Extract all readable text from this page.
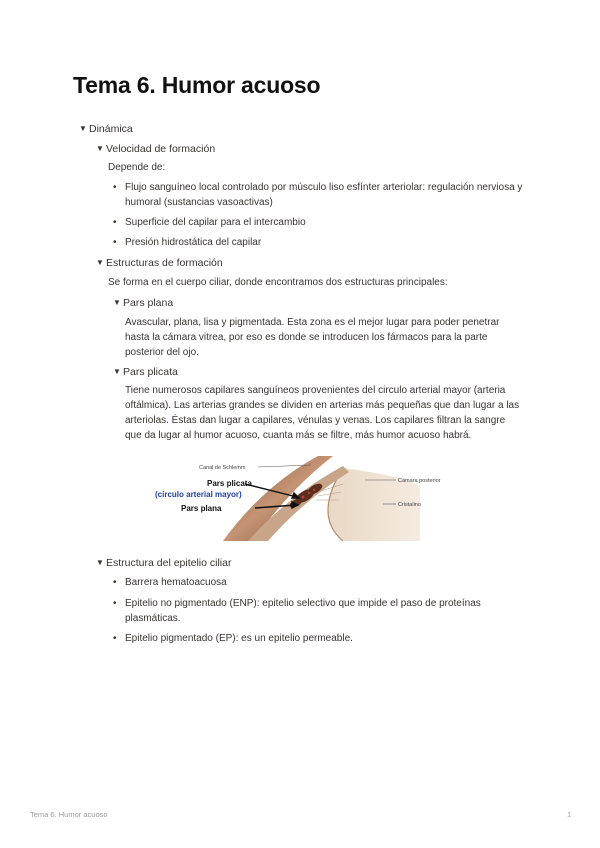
Tema 6. Humor acuoso
▼ Dinámica
▼ Velocidad de formación
Depende de:
• Flujo sanguíneo local controlado por músculo liso esfínter arteriolar: regulación nerviosa y humoral (sustancias vasoactivas)
• Superficie del capilar para el intercambio
• Presión hidrostática del capilar
▼ Estructuras de formación
Se forma en el cuerpo ciliar, donde encontramos dos estructuras principales:
▼ Pars plana
Avascular, plana, lisa y pigmentada. Esta zona es el mejor lugar para poder penetrar hasta la cámara vitrea, por eso es donde se introducen los fármacos para la parte posterior del ojo.
▼ Pars plicata
Tiene numerosos capilares sanguíneos provenientes del circulo arterial mayor (arteria oftálmica). Las arterias grandes se dividen en arterias más pequeñas que dan lugar a las arteriolas. Éstas dan lugar a capilares, vénulas y venas. Los capilares filtran la sangre que da lugar al humor acuoso, cuanta más se filtre, más humor acuoso habrá.
Canal de Schlemm
Pars plicata
(circulo arterial mayor)
Pars plana
Cámara posterior
Cristalino
▼ Estructura del epitelio ciliar
• Barrera hematoacuosa
• Epitelio no pigmentado (ENP): epitelio selectivo que impide el paso de proteínas plasmáticas.
• Epitelio pigmentado (EP): es un epitelio permeable.
Tema 6. Humor acuoso	1
